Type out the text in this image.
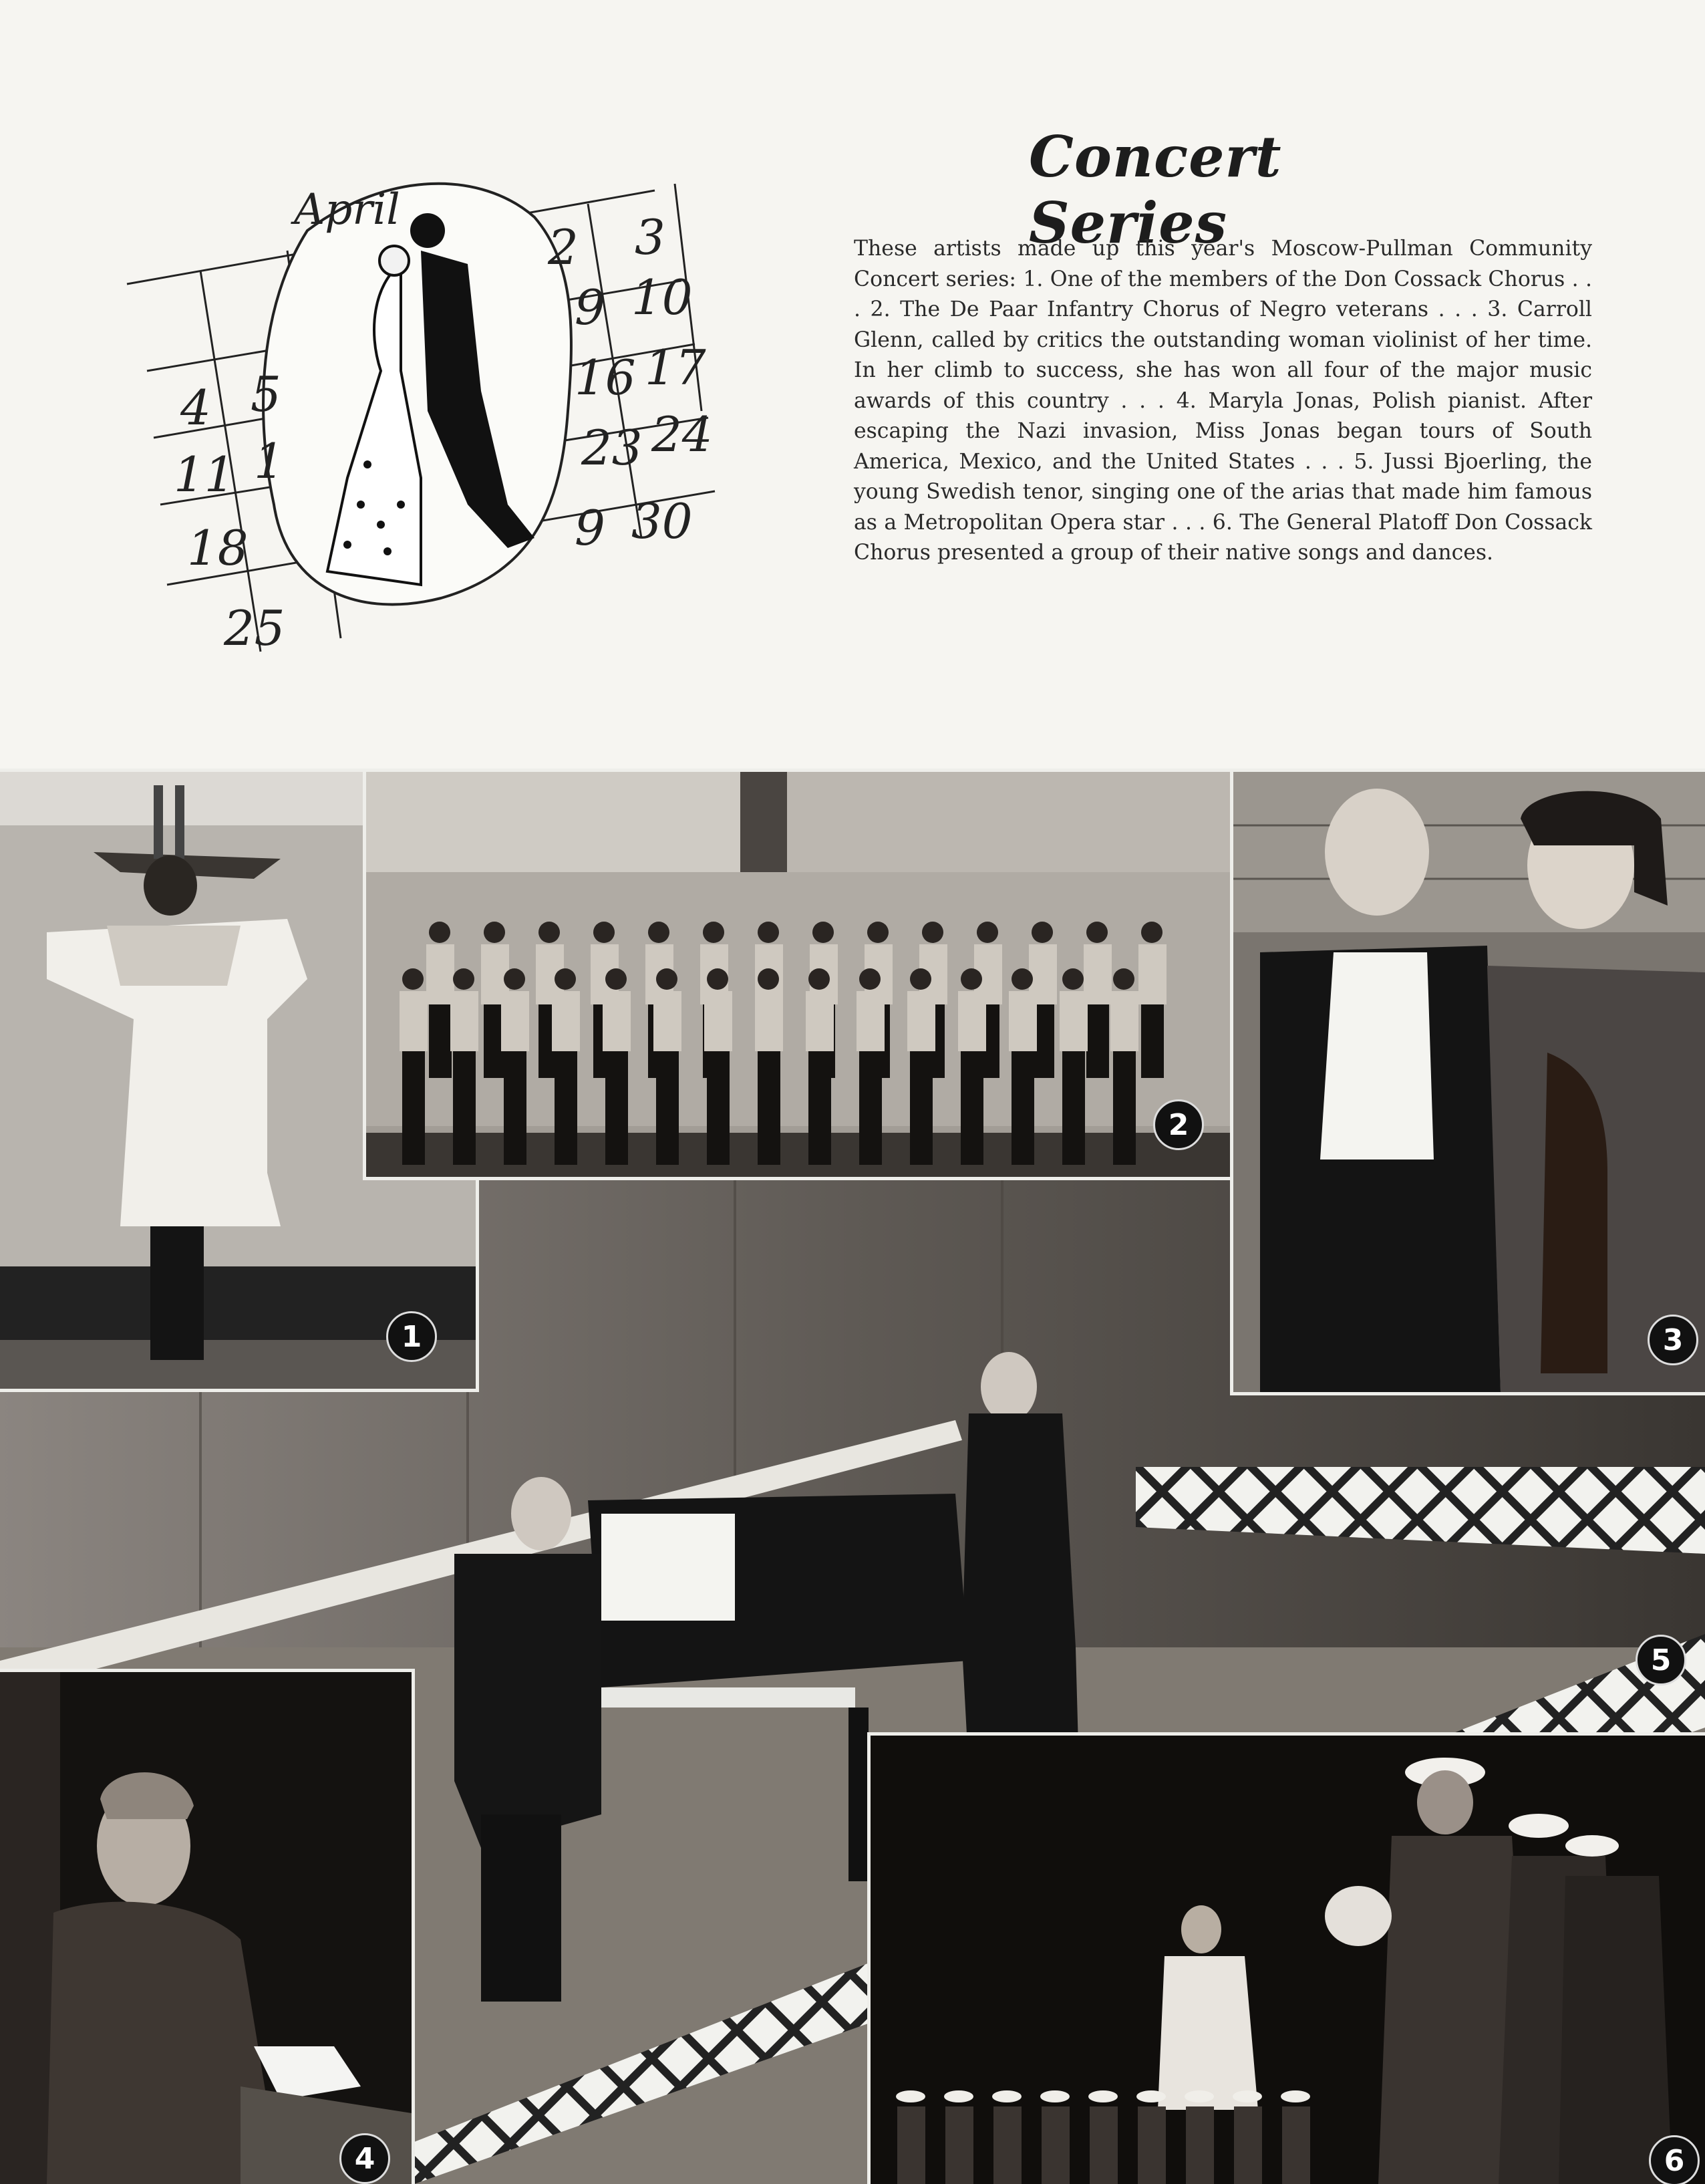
Concert Series

These artists made up this year's Moscow-Pullman Community Concert series: 1. One of the members of the Don Cossack Chorus . . . 2. The De Paar Infantry Chorus of Negro veterans . . . 3. Carroll Glenn, called by critics the outstanding woman violinist of her time. In her climb to success, she has won all four of the major music awards of this country . . . 4. Maryla Jonas, Polish pianist. After escaping the Nazi invasion, Miss Jonas began tours of South America, Mexico, and the United States . . . 5. Jussi Bjoerling, the young Swedish tenor, singing one of the arias that made him famous as a Metropolitan Opera star . . . 6. The General Platoff Don Cossack Chorus presented a group of their native songs and dances.

April
2 3
9 10
16 17
23 24
30
4 5
11 1
18
25
9
1
2
3
4
5
6
